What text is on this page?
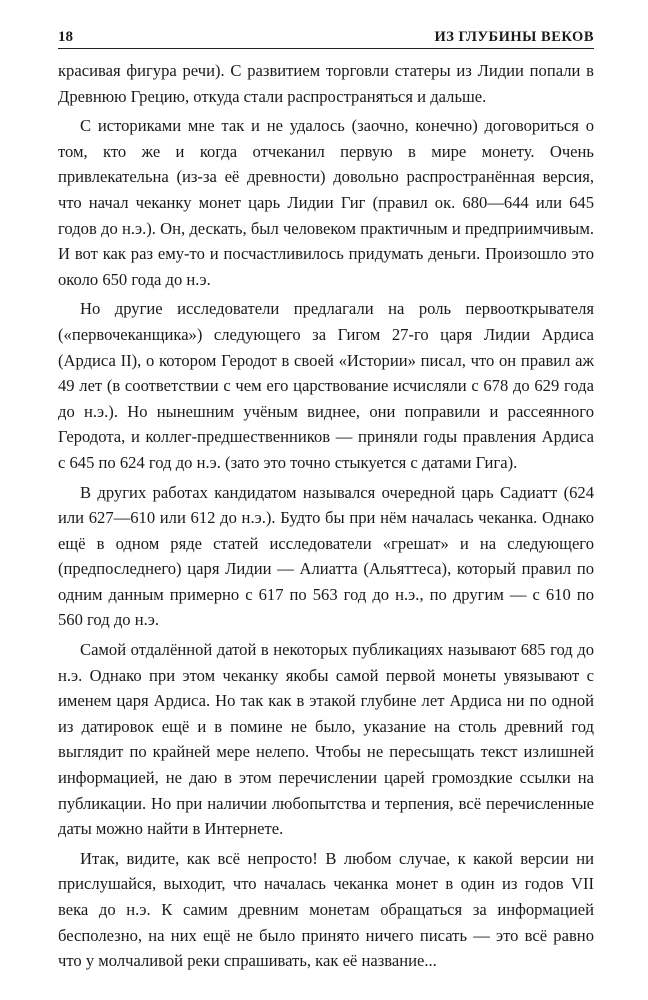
18	ИЗ ГЛУБИНЫ ВЕКОВ

красивая фигура речи). С развитием торговли статеры из Лидии попали в Древнюю Грецию, откуда стали распространяться и дальше.

С историками мне так и не удалось (заочно, конечно) договориться о том, кто же и когда отчеканил первую в мире монету. Очень привлекательна (из-за её древности) довольно распространённая версия, что начал чеканку монет царь Лидии Гиг (правил ок. 680—644 или 645 годов до н.э.). Он, дескать, был человеком практичным и предприимчивым. И вот как раз ему-то и посчастливилось придумать деньги. Произошло это около 650 года до н.э.

Но другие исследователи предлагали на роль первооткрывателя («первочеканщика») следующего за Гигом 27-го царя Лидии Ардиса (Ардиса II), о котором Геродот в своей «Истории» писал, что он правил аж 49 лет (в соответствии с чем его царствование исчисляли с 678 до 629 года до н.э.). Но нынешним учёным виднее, они поправили и рассеянного Геродота, и коллег-предшественников — приняли годы правления Ардиса с 645 по 624 год до н.э. (зато это точно стыкуется с датами Гига).

В других работах кандидатом назывался очередной царь Садиатт (624 или 627—610 или 612 до н.э.). Будто бы при нём началась чеканка. Однако ещё в одном ряде статей исследователи «грешат» и на следующего (предпоследнего) царя Лидии — Алиатта (Альяттеса), который правил по одним данным примерно с 617 по 563 год до н.э., по другим — с 610 по 560 год до н.э.

Самой отдалённой датой в некоторых публикациях называют 685 год до н.э. Однако при этом чеканку якобы самой первой монеты увязывают с именем царя Ардиса. Но так как в этакой глубине лет Ардиса ни по одной из датировок ещё и в помине не было, указание на столь древний год выглядит по крайней мере нелепо. Чтобы не пересыщать текст излишней информацией, не даю в этом перечислении царей громоздкие ссылки на публикации. Но при наличии любопытства и терпения, всё перечисленные даты можно найти в Интернете.

Итак, видите, как всё непросто! В любом случае, к какой версии ни прислушайся, выходит, что началась чеканка монет в один из годов VII века до н.э. К самим древним монетам обращаться за информацией бесполезно, на них ещё не было принято ничего писать — это всё равно что у молчаливой реки спрашивать, как её название...
